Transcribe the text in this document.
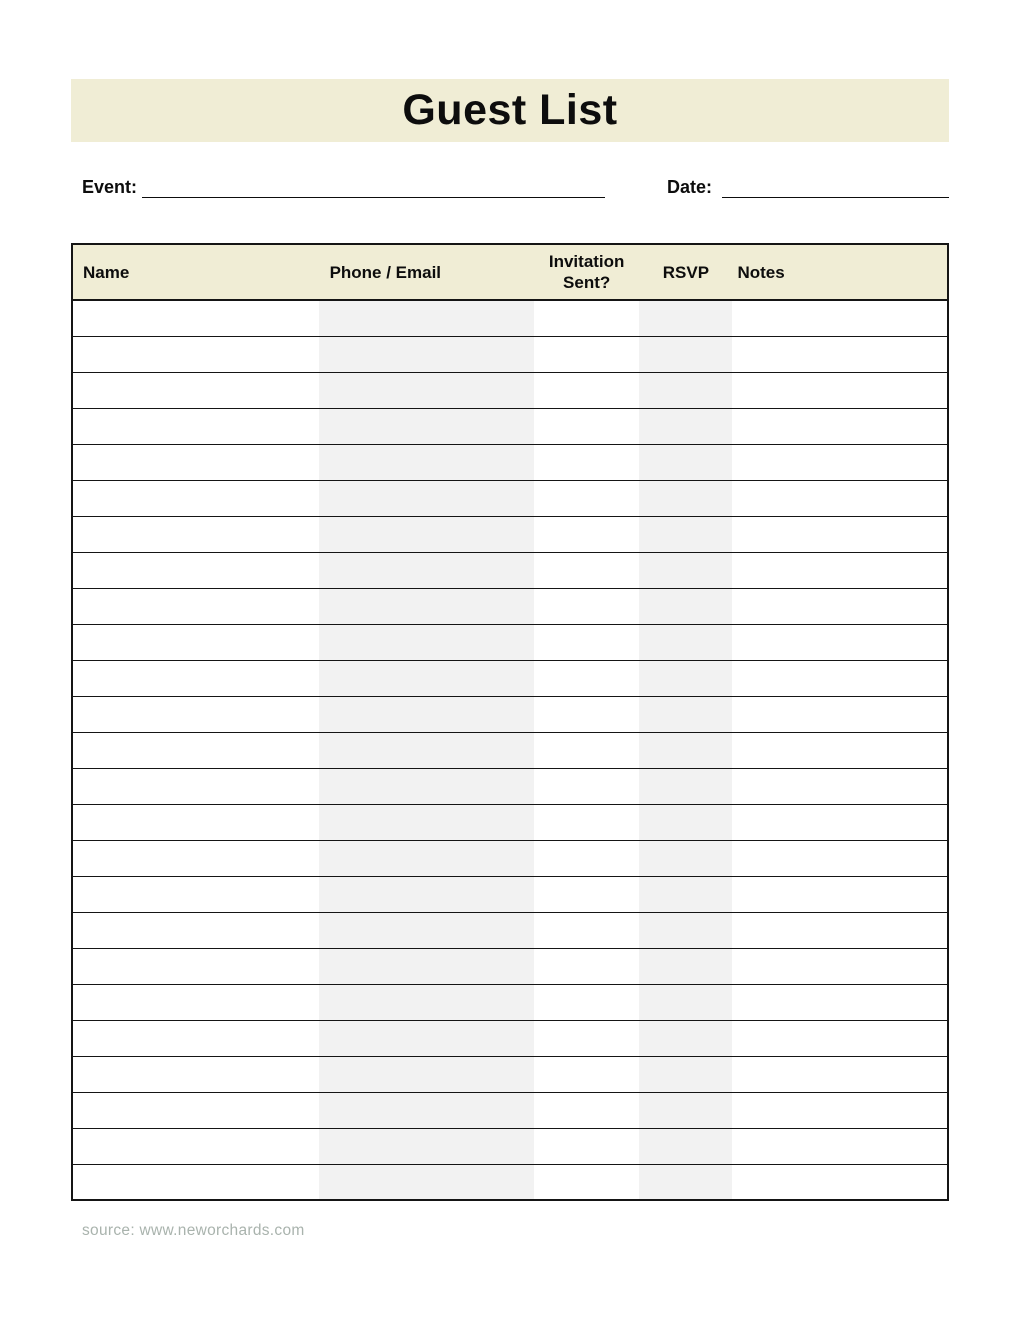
Guest List
Event:	Date:
Name	Phone / Email	Invitation Sent?	RSVP	Notes

source: www.neworchards.com
